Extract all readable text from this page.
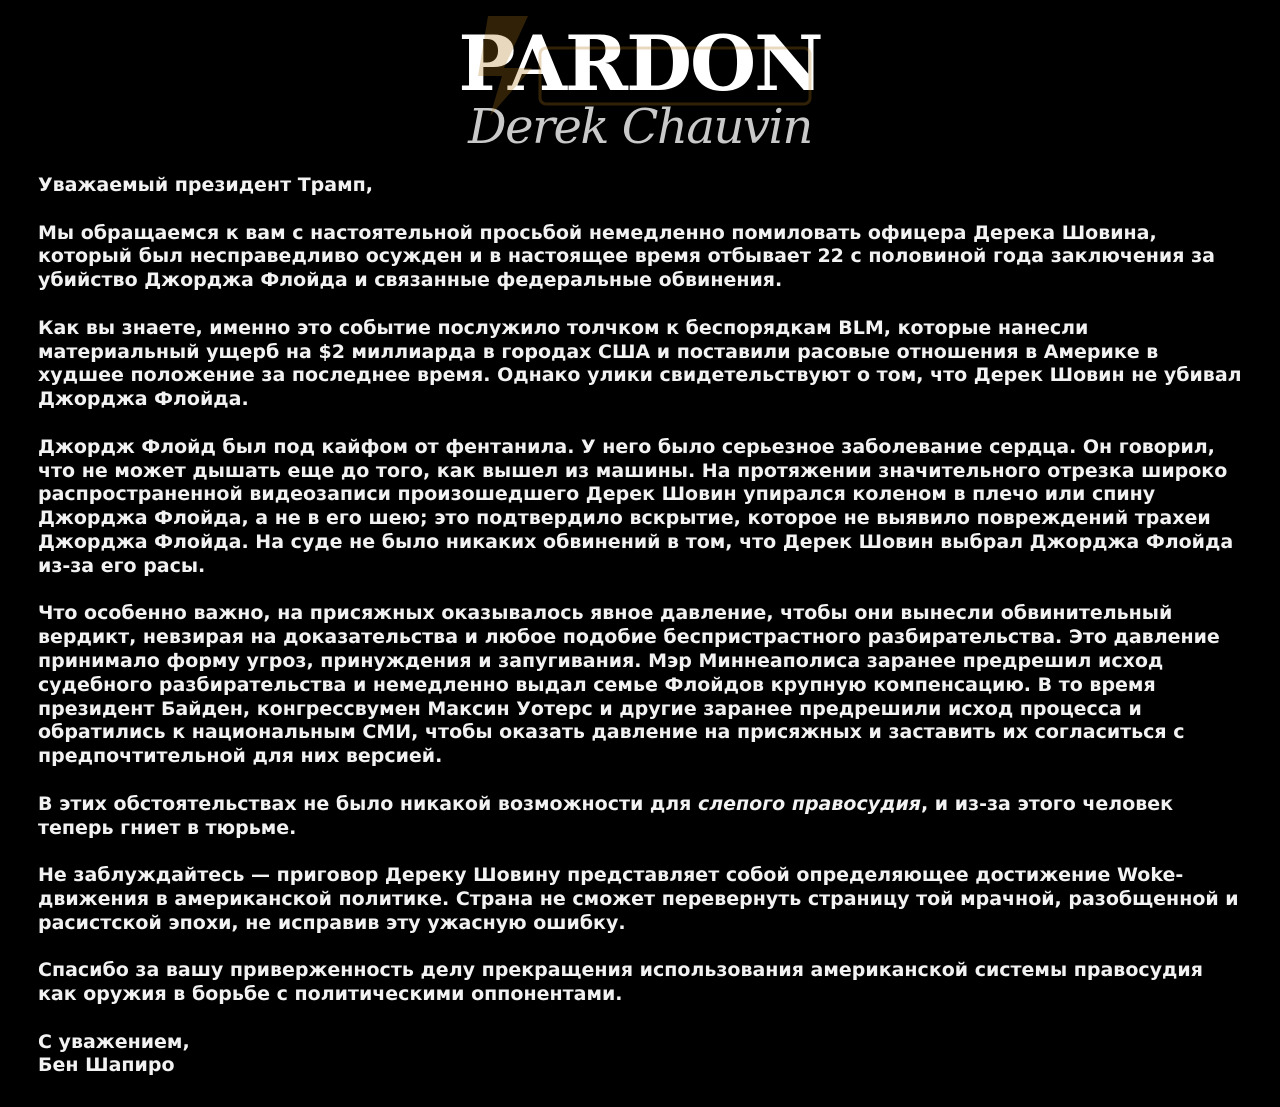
PARDON
Derek Chauvin

Уважаемый президент Трамп,

Мы обращаемся к вам с настоятельной просьбой немедленно помиловать офицера Дерека Шовина, который был несправедливо осужден и в настоящее время отбывает 22 с половиной года заключения за убийство Джорджа Флойда и связанные федеральные обвинения.

Как вы знаете, именно это событие послужило толчком к беспорядкам BLM, которые нанесли материальный ущерб на $2 миллиарда в городах США и поставили расовые отношения в Америке в худшее положение за последнее время. Однако улики свидетельствуют о том, что Дерек Шовин не убивал Джорджа Флойда.

Джордж Флойд был под кайфом от фентанила. У него было серьезное заболевание сердца. Он говорил, что не может дышать еще до того, как вышел из машины. На протяжении значительного отрезка широко распространенной видеозаписи произошедшего Дерек Шовин упирался коленом в плечо или спину Джорджа Флойда, а не в его шею; это подтвердило вскрытие, которое не выявило повреждений трахеи Джорджа Флойда. На суде не было никаких обвинений в том, что Дерек Шовин выбрал Джорджа Флойда из-за его расы.

Что особенно важно, на присяжных оказывалось явное давление, чтобы они вынесли обвинительный вердикт, невзирая на доказательства и любое подобие беспристрастного разбирательства. Это давление принимало форму угроз, принуждения и запугивания. Мэр Миннеаполиса заранее предрешил исход судебного разбирательства и немедленно выдал семье Флойдов крупную компенсацию. В то время президент Байден, конгрессвумен Максин Уотерс и другие заранее предрешили исход процесса и обратились к национальным СМИ, чтобы оказать давление на присяжных и заставить их согласиться с предпочтительной для них версией.

В этих обстоятельствах не было никакой возможности для слепого правосудия, и из-за этого человек теперь гниет в тюрьме.

Не заблуждайтесь — приговор Дереку Шовину представляет собой определяющее достижение Woke-движения в американской политике. Страна не сможет перевернуть страницу той мрачной, разобщенной и расистской эпохи, не исправив эту ужасную ошибку.

Спасибо за вашу приверженность делу прекращения использования американской системы правосудия как оружия в борьбе с политическими оппонентами.

С уважением,

Бен Шапиро
